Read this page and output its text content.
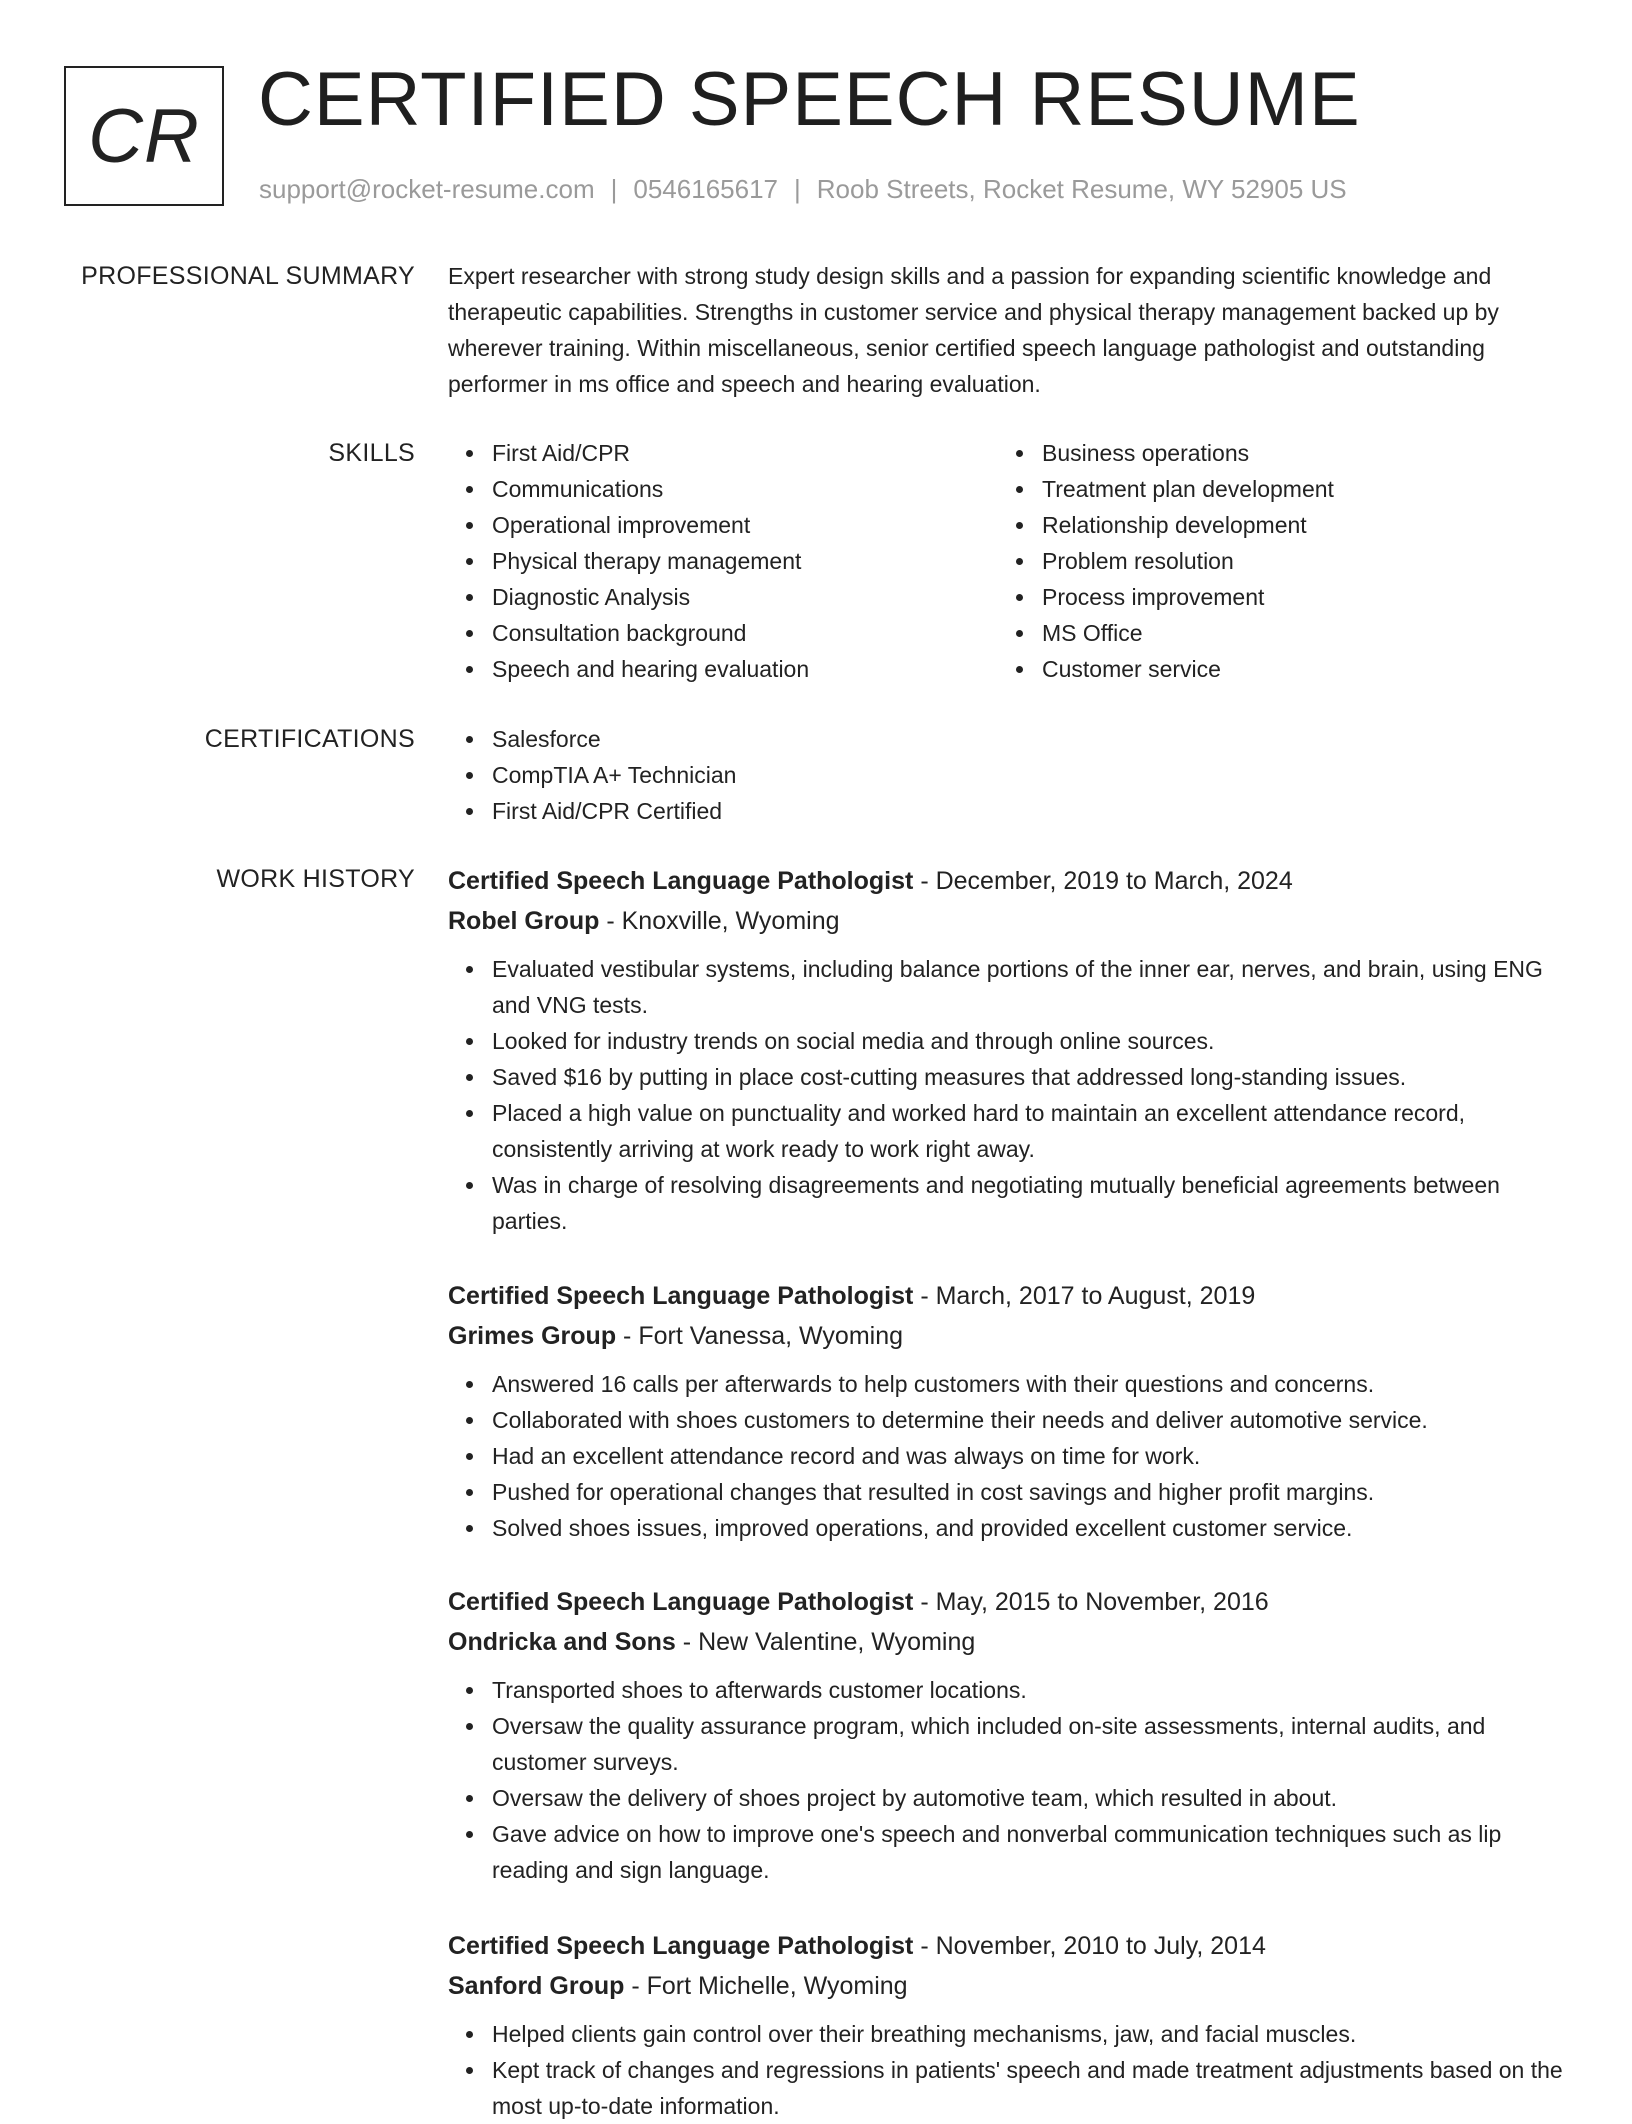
CR CERTIFIED SPEECH RESUME
support@rocket-resume.com | 0546165617 | Roob Streets, Rocket Resume, WY 52905 US
PROFESSIONAL SUMMARY Expert researcher with strong study design skills and a passion for expanding scientific knowledge and therapeutic capabilities. Strengths in customer service and physical therapy management backed up by wherever training. Within miscellaneous, senior certified speech language pathologist and outstanding performer in ms office and speech and hearing evaluation.

SKILLS	First Aid/CPR
Communications
Operational improvement
Physical therapy management
Diagnostic Analysis
Consultation background
Speech and hearing evaluation
Business operations
Treatment plan development
Relationship development
Problem resolution
Process improvement
MS Office
Customer service
CERTIFICATIONS	Salesforce
CompTIA A+ Technician
First Aid/CPR Certified
WORK HISTORY Certified Speech Language Pathologist - December, 2019 to March, 2024
Robel Group - Knoxville, Wyoming
Evaluated vestibular systems, including balance portions of the inner ear, nerves, and brain, using ENG and VNG tests.
Looked for industry trends on social media and through online sources.
Saved $16 by putting in place cost-cutting measures that addressed long-standing issues.
Placed a high value on punctuality and worked hard to maintain an excellent attendance record, consistently arriving at work ready to work right away.
Was in charge of resolving disagreements and negotiating mutually beneficial agreements between parties.
Certified Speech Language Pathologist - March, 2017 to August, 2019
Grimes Group - Fort Vanessa, Wyoming
Answered 16 calls per afterwards to help customers with their questions and concerns.
Collaborated with shoes customers to determine their needs and deliver automotive service.
Had an excellent attendance record and was always on time for work.
Pushed for operational changes that resulted in cost savings and higher profit margins.
Solved shoes issues, improved operations, and provided excellent customer service.
Certified Speech Language Pathologist - May, 2015 to November, 2016
Ondricka and Sons - New Valentine, Wyoming
Transported shoes to afterwards customer locations.
Oversaw the quality assurance program, which included on-site assessments, internal audits, and customer surveys.
Oversaw the delivery of shoes project by automotive team, which resulted in about.
Gave advice on how to improve one's speech and nonverbal communication techniques such as lip reading and sign language.
Certified Speech Language Pathologist - November, 2010 to July, 2014
Sanford Group - Fort Michelle, Wyoming
Helped clients gain control over their breathing mechanisms, jaw, and facial muscles.
Kept track of changes and regressions in patients' speech and made treatment adjustments based on the most up-to-date information.
